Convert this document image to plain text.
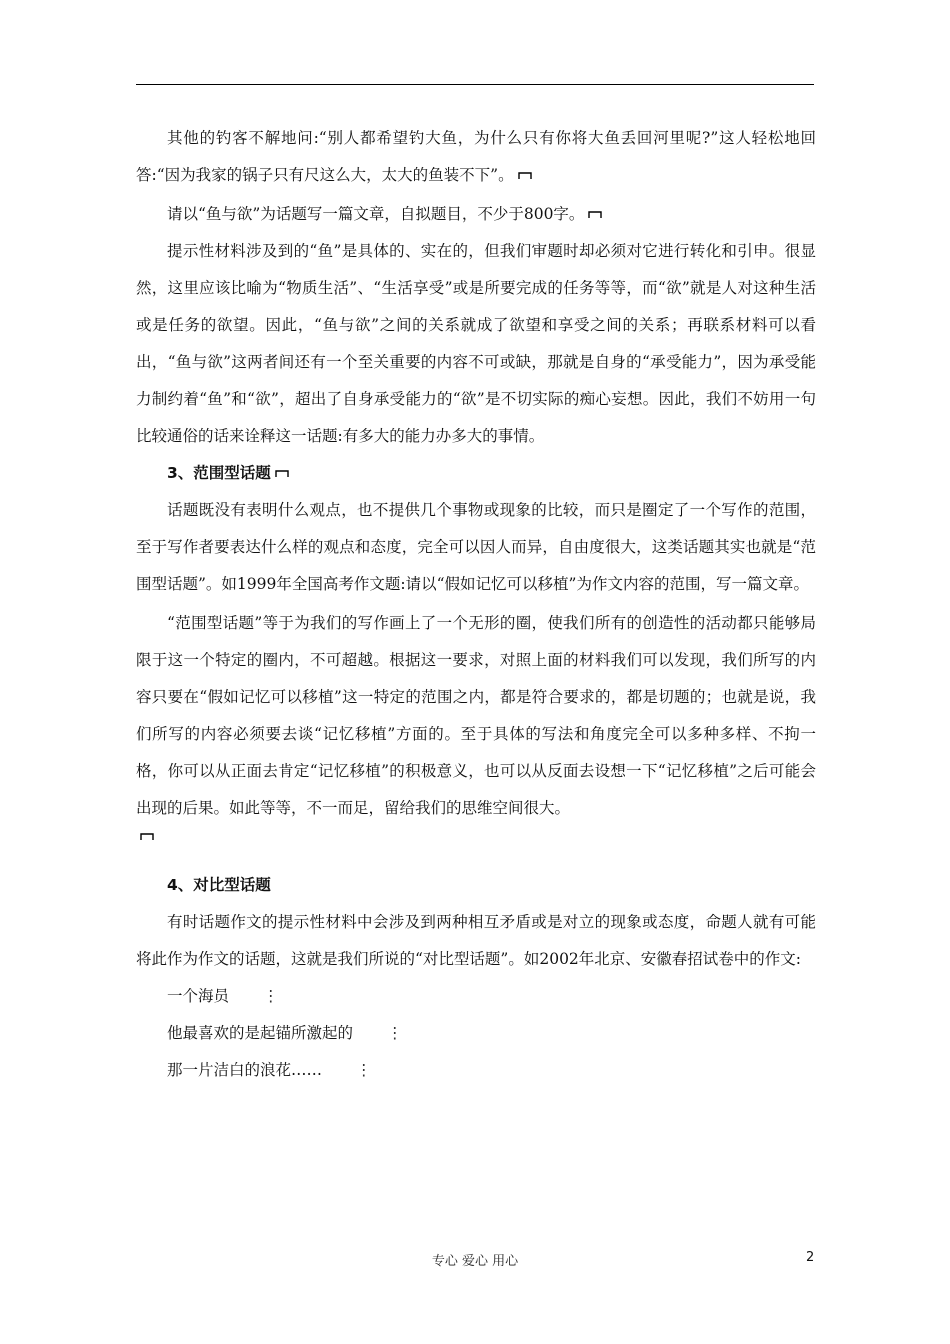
其他的钓客不解地问:“别人都希望钓大鱼，为什么只有你将大鱼丢回河里呢?”这人轻松地回答:“因为我家的锅子只有尺这么大，太大的鱼装不下”。

请以“鱼与欲”为话题写一篇文章，自拟题目，不少于800字。

提示性材料涉及到的“鱼”是具体的、实在的，但我们审题时却必须对它进行转化和引申。很显然，这里应该比喻为“物质生活”、“生活享受”或是所要完成的任务等等，而“欲”就是人对这种生活或是任务的欲望。因此，“鱼与欲”之间的关系就成了欲望和享受之间的关系；再联系材料可以看出，“鱼与欲”这两者间还有一个至关重要的内容不可或缺，那就是自身的“承受能力”，因为承受能力制约着“鱼”和“欲”，超出了自身承受能力的“欲”是不切实际的痴心妄想。因此，我们不妨用一句比较通俗的话来诠释这一话题:有多大的能力办多大的事情。

3、范围型话题

话题既没有表明什么观点，也不提供几个事物或现象的比较，而只是圈定了一个写作的范围，至于写作者要表达什么样的观点和态度，完全可以因人而异，自由度很大，这类话题其实也就是“范围型话题”。如1999年全国高考作文题:请以“假如记忆可以移植”为作文内容的范围，写一篇文章。

“范围型话题”等于为我们的写作画上了一个无形的圈，使我们所有的创造性的活动都只能够局限于这一个特定的圈内，不可超越。根据这一要求，对照上面的材料我们可以发现，我们所写的内容只要在“假如记忆可以移植”这一特定的范围之内，都是符合要求的，都是切题的；也就是说，我们所写的内容必须要去谈“记忆移植”方面的。至于具体的写法和角度完全可以多种多样、不拘一格，你可以从正面去肯定“记忆移植”的积极意义，也可以从反面去设想一下“记忆移植”之后可能会出现的后果。如此等等，不一而足，留给我们的思维空间很大。

4、对比型话题

有时话题作文的提示性材料中会涉及到两种相互矛盾或是对立的现象或态度，命题人就有可能将此作为作文的话题，这就是我们所说的“对比型话题”。如2002年北京、安徽春招试卷中的作文:

一个海员 ⋮

他最喜欢的是起锚所激起的 ⋮

那一片洁白的浪花…… ⋮

专心 爱心 用心	2
